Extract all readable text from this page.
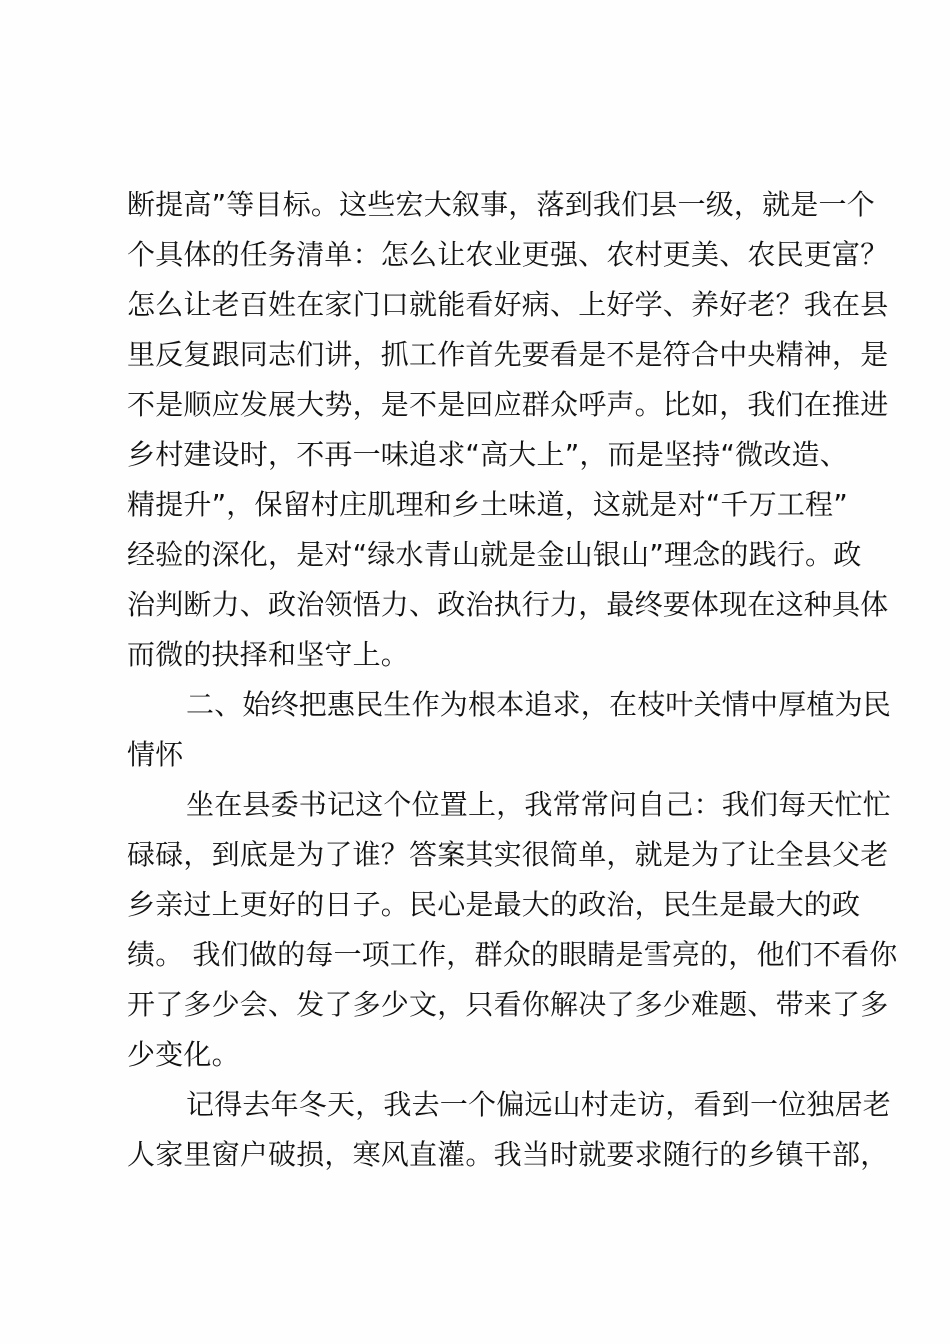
断提高”等目标。这些宏大叙事，落到我们县一级，就是一个
个具体的任务清单：怎么让农业更强、农村更美、农民更富？
怎么让老百姓在家门口就能看好病、上好学、养好老？我在县
里反复跟同志们讲，抓工作首先要看是不是符合中央精神，是
不是顺应发展大势，是不是回应群众呼声。比如，我们在推进
乡村建设时，不再一味追求“高大上”，而是坚持“微改造、
精提升”，保留村庄肌理和乡土味道，这就是对“千万工程”
经验的深化，是对“绿水青山就是金山银山”理念的践行。政
治判断力、政治领悟力、政治执行力，最终要体现在这种具体
而微的抉择和坚守上。
二、始终把惠民生作为根本追求，在枝叶关情中厚植为民
情怀
坐在县委书记这个位置上，我常常问自己：我们每天忙忙
碌碌，到底是为了谁？答案其实很简单，就是为了让全县父老
乡亲过上更好的日子。民心是最大的政治，民生是最大的政
绩。 我们做的每一项工作，群众的眼睛是雪亮的，他们不看你
开了多少会、发了多少文，只看你解决了多少难题、带来了多
少变化。
记得去年冬天，我去一个偏远山村走访，看到一位独居老
人家里窗户破损，寒风直灌。我当时就要求随行的乡镇干部，
